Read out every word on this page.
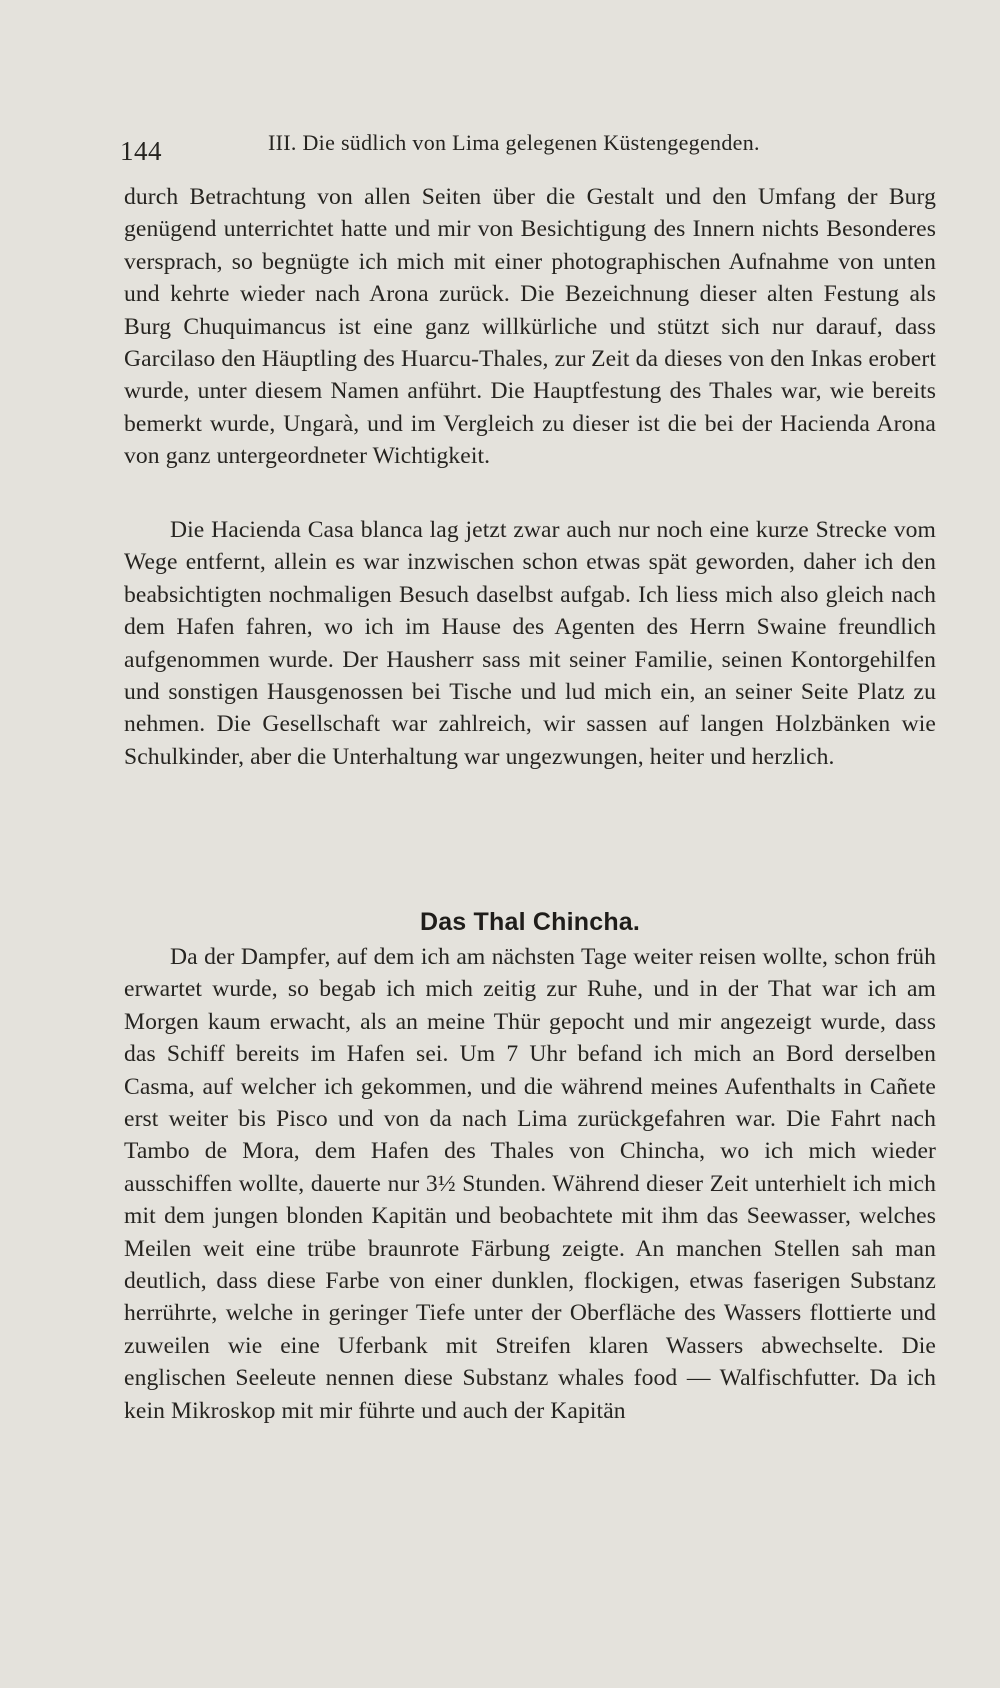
144	III. Die südlich von Lima gelegenen Küstengegenden.

durch Betrachtung von allen Seiten über die Gestalt und den Umfang der Burg genügend unterrichtet hatte und mir von Besichtigung des Innern nichts Besonderes versprach, so begnügte ich mich mit einer photographischen Aufnahme von unten und kehrte wieder nach Arona zurück. Die Bezeichnung dieser alten Festung als Burg Chuquimancus ist eine ganz willkürliche und stützt sich nur darauf, dass Garcilaso den Häuptling des Huarcu-Thales, zur Zeit da dieses von den Inkas erobert wurde, unter diesem Namen anführt. Die Hauptfestung des Thales war, wie bereits bemerkt wurde, Ungarà, und im Vergleich zu dieser ist die bei der Hacienda Arona von ganz untergeordneter Wichtigkeit.

Die Hacienda Casa blanca lag jetzt zwar auch nur noch eine kurze Strecke vom Wege entfernt, allein es war inzwischen schon etwas spät geworden, daher ich den beabsichtigten nochmaligen Besuch daselbst aufgab. Ich liess mich also gleich nach dem Hafen fahren, wo ich im Hause des Agenten des Herrn Swaine freundlich aufgenommen wurde. Der Hausherr sass mit seiner Familie, seinen Kontorgehilfen und sonstigen Hausgenossen bei Tische und lud mich ein, an seiner Seite Platz zu nehmen. Die Gesellschaft war zahlreich, wir sassen auf langen Holzbänken wie Schulkinder, aber die Unterhaltung war ungezwungen, heiter und herzlich.

Das Thal Chincha.

Da der Dampfer, auf dem ich am nächsten Tage weiter reisen wollte, schon früh erwartet wurde, so begab ich mich zeitig zur Ruhe, und in der That war ich am Morgen kaum erwacht, als an meine Thür gepocht und mir angezeigt wurde, dass das Schiff bereits im Hafen sei. Um 7 Uhr befand ich mich an Bord derselben Casma, auf welcher ich gekommen, und die während meines Aufenthalts in Cañete erst weiter bis Pisco und von da nach Lima zurückgefahren war. Die Fahrt nach Tambo de Mora, dem Hafen des Thales von Chincha, wo ich mich wieder ausschiffen wollte, dauerte nur 3½ Stunden. Während dieser Zeit unterhielt ich mich mit dem jungen blonden Kapitän und beobachtete mit ihm das Seewasser, welches Meilen weit eine trübe braunrote Färbung zeigte. An manchen Stellen sah man deutlich, dass diese Farbe von einer dunklen, flockigen, etwas faserigen Substanz herrührte, welche in geringer Tiefe unter der Oberfläche des Wassers flottierte und zuweilen wie eine Uferbank mit Streifen klaren Wassers abwechselte. Die englischen Seeleute nennen diese Substanz whales food — Walfischfutter. Da ich kein Mikroskop mit mir führte und auch der Kapitän
